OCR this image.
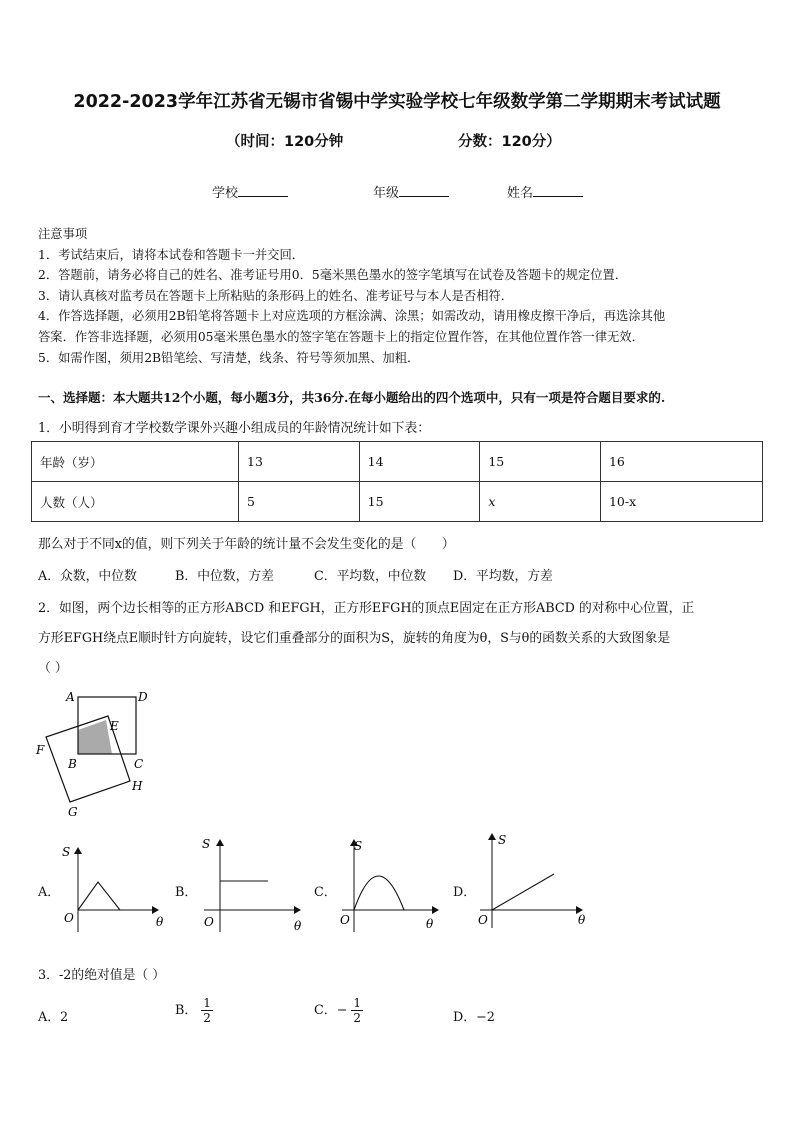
2022-2023学年江苏省无锡市省锡中学实验学校七年级数学第二学期期末考试试题
（时间：120分钟	分数：120分）
学校	年级	姓名
注意事项
1．考试结束后，请将本试卷和答题卡一并交回．
2．答题前，请务必将自己的姓名、准考证号用0．5毫米黑色墨水的签字笔填写在试卷及答题卡的规定位置．
3．请认真核对监考员在答题卡上所粘贴的条形码上的姓名、准考证号与本人是否相符．
4．作答选择题，必须用2B铅笔将答题卡上对应选项的方框涂满、涂黑；如需改动，请用橡皮擦干净后，再选涂其他
答案．作答非选择题，必须用05毫米黑色墨水的签字笔在答题卡上的指定位置作答，在其他位置作答一律无效．
5．如需作图，须用2B铅笔绘、写清楚，线条、符号等须加黑、加粗．
一、选择题：本大题共12个小题，每小题3分，共36分.在每小题给出的四个选项中，只有一项是符合题目要求的.
1．小明得到育才学校数学课外兴趣小组成员的年龄情况统计如下表：
年龄（岁）	13	14	15	16
人数（人）	5	15	x	10-x
那么对于不同x的值，则下列关于年龄的统计量不会发生变化的是（　　）
A．众数，中位数	B．中位数，方差	C．平均数，中位数 D．平均数，方差
2．如图，两个边长相等的正方形ABCD 和EFGH，正方形EFGH的顶点E固定在正方形ABCD 的对称中心位置，正
方形EFGH绕点E顺时针方向旋转，设它们重叠部分的面积为S，旋转的角度为θ，S与θ的函数关系的大致图象是
（ ）
A	D
E
F
B	C
H
G
A．
S
O	θ
B．
S
O	θ
C．
S
O	θ
D．
S
O	θ
3．-2的绝对值是（ ）
A．2	B． $\frac{1}{2}$	C．− $\frac{1}{2}$	D．−2
